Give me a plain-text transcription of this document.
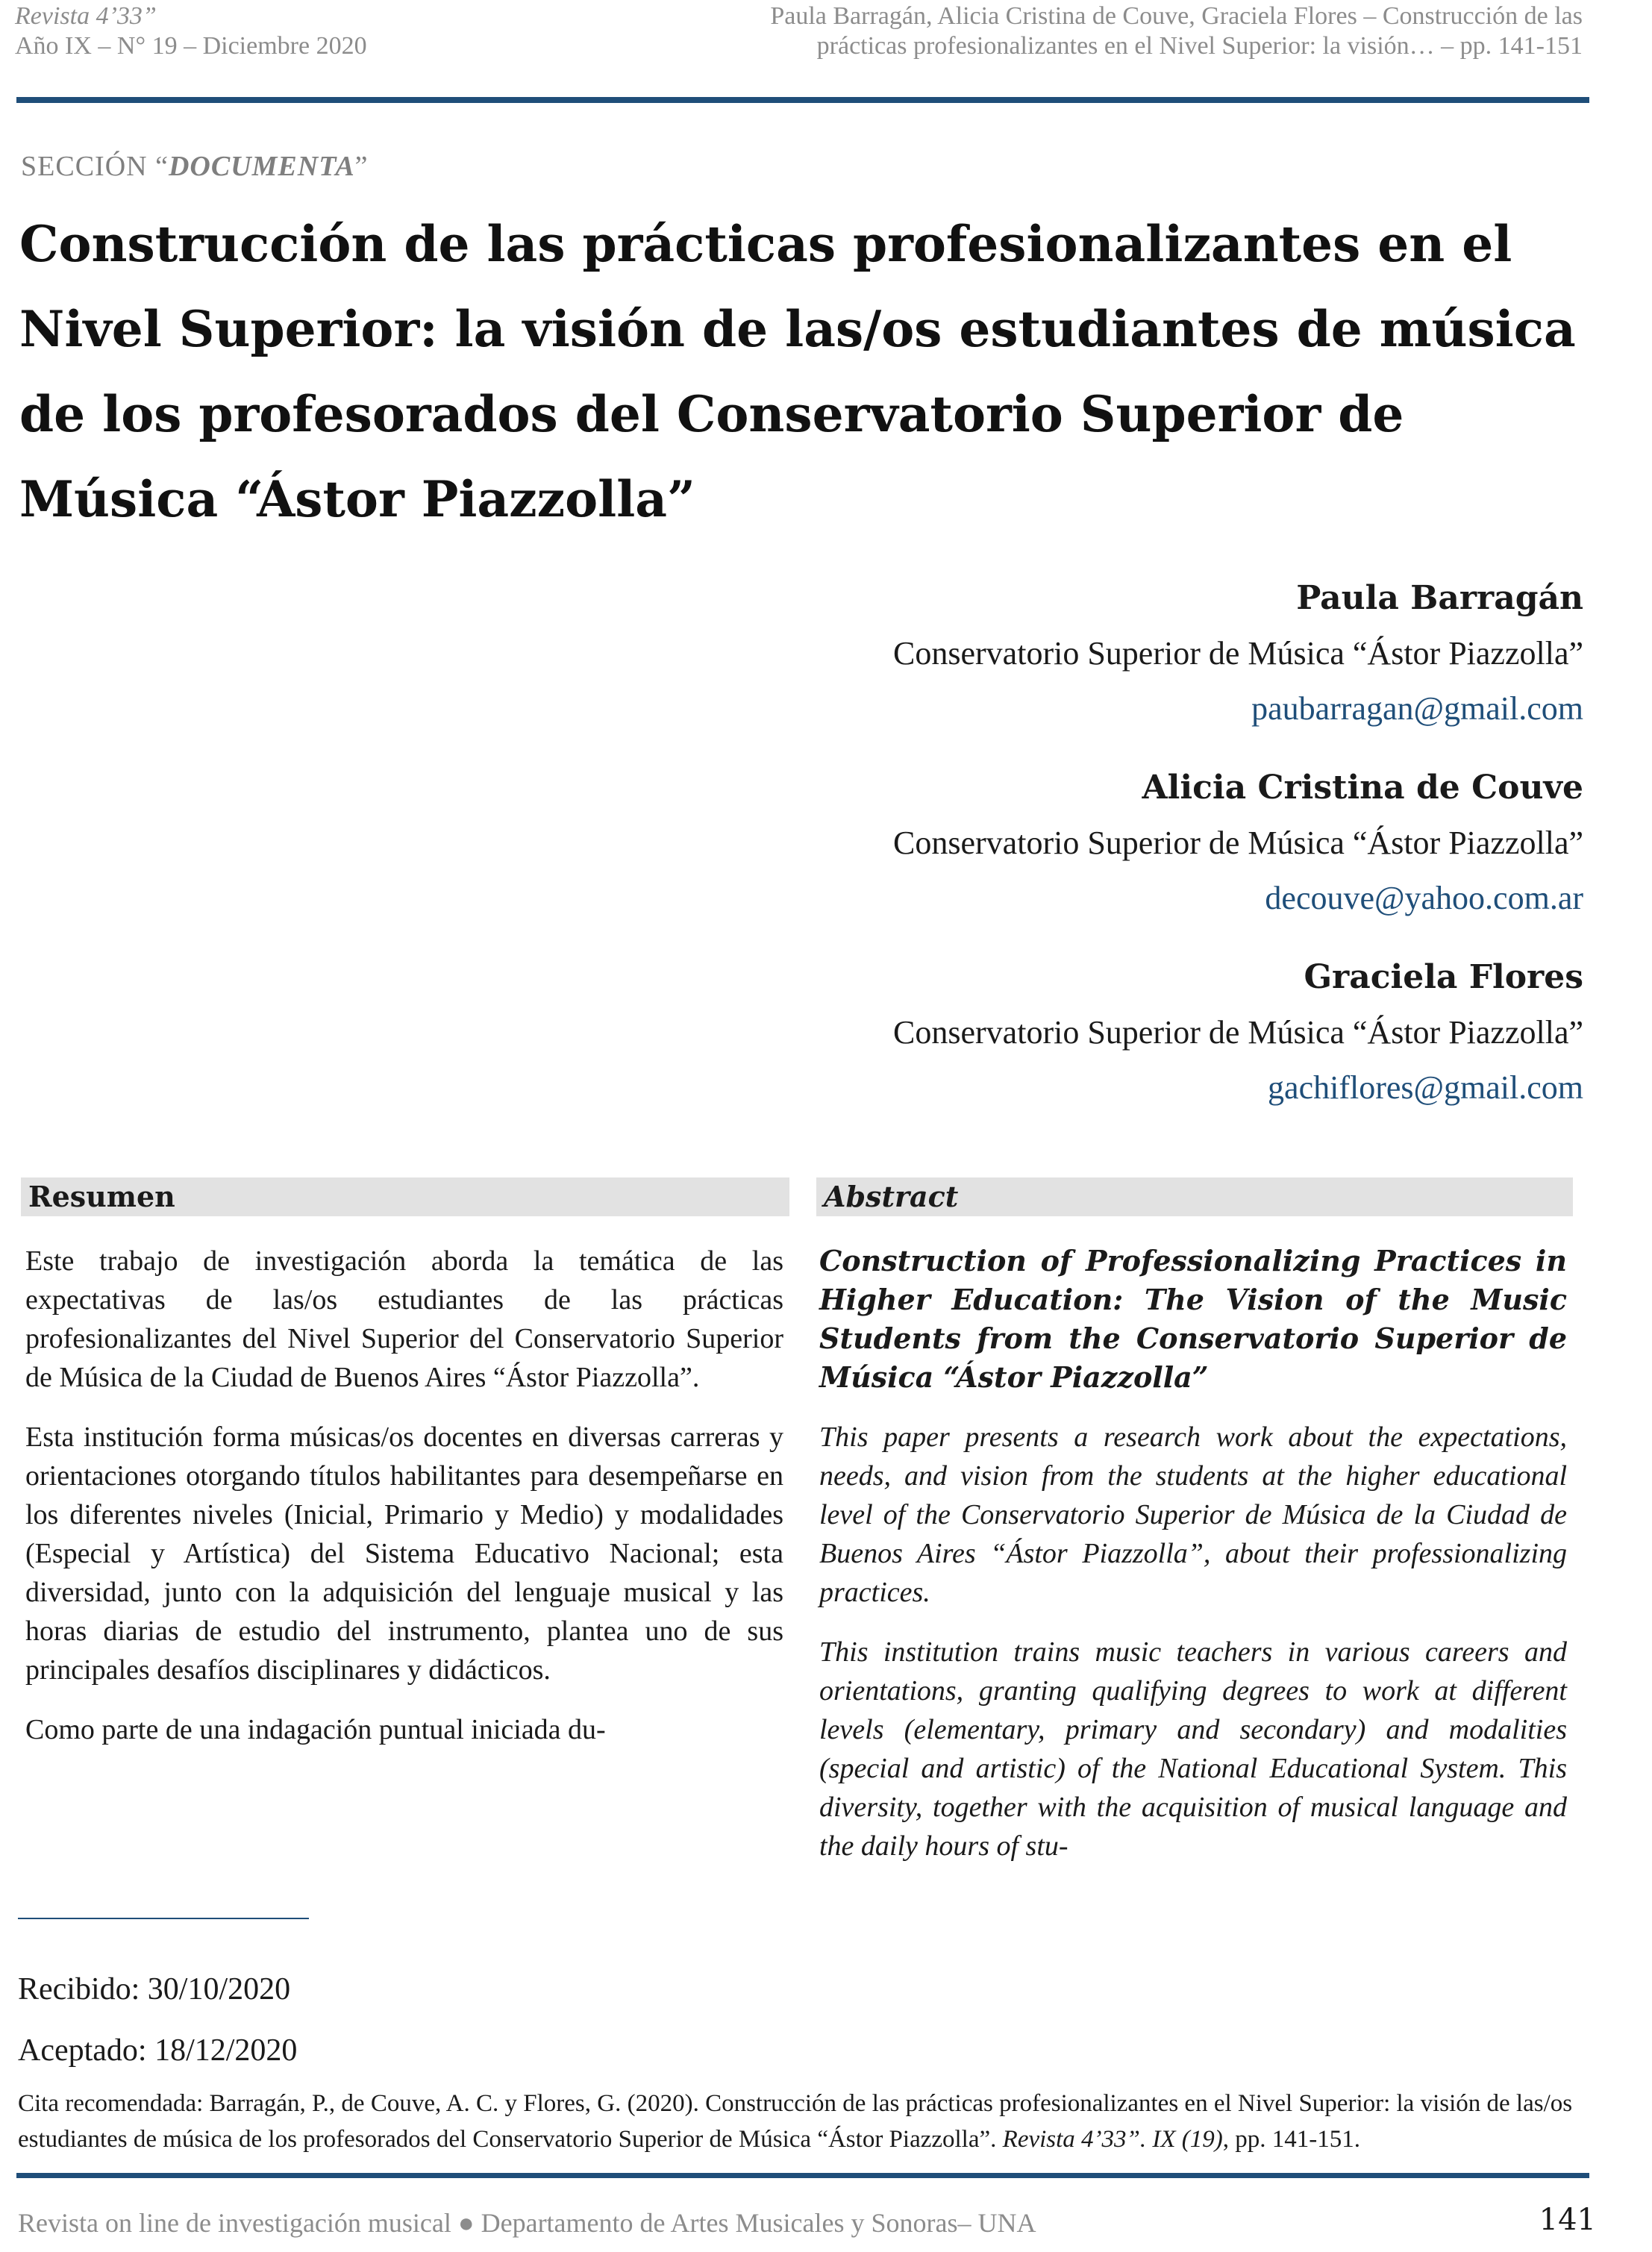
Revista 4’33”
Año IX – N° 19 – Diciembre 2020
Paula Barragán, Alicia Cristina de Couve, Graciela Flores – Construcción de las
prácticas profesionalizantes en el Nivel Superior: la visión… – pp. 141-151
SECCIÓN “DOCUMENTA”
Construcción de las prácticas profesionalizantes en el Nivel Superior: la visión de las/os estudiantes de música de los profesorados del Conservatorio Superior de Música “Ástor Piazzolla”
Paula Barragán
Conservatorio Superior de Música “Ástor Piazzolla”
paubarragan@gmail.com
Alicia Cristina de Couve
Conservatorio Superior de Música “Ástor Piazzolla”
decouve@yahoo.com.ar
Graciela Flores
Conservatorio Superior de Música “Ástor Piazzolla”
gachiflores@gmail.com
Resumen

Este trabajo de investigación aborda la temática de las expectativas de las/os estudiantes de las prácticas profesionalizantes del Nivel Superior del Conservatorio Superior de Música de la Ciudad de Buenos Aires “Ástor Piazzolla”.

Esta institución forma músicas/os docentes en diversas carreras y orientaciones otorgando títulos habilitantes para desempeñarse en los diferentes niveles (Inicial, Primario y Medio) y modalidades (Especial y Artística) del Sistema Educativo Nacional; esta diversidad, junto con la adquisición del lenguaje musical y las horas diarias de estudio del instrumento, plantea uno de sus principales desafíos disciplinares y didácticos.

Como parte de una indagación puntual iniciada du-

Abstract

Construction of Professionalizing Practices in Higher Education: The Vision of the Music Students from the Conservatorio Superior de Música “Ástor Piazzolla”

This paper presents a research work about the expectations, needs, and vision from the students at the higher educational level of the Conservatorio Superior de Música de la Ciudad de Buenos Aires “Ástor Piazzolla”, about their professionalizing practices.

This institution trains music teachers in various careers and orientations, granting qualifying degrees to work at different levels (elementary, primary and secondary) and modalities (special and artistic) of the National Educational System. This diversity, together with the acquisition of musical language and the daily hours of stu-

Recibido: 30/10/2020
Aceptado: 18/12/2020
Cita recomendada: Barragán, P., de Couve, A. C. y Flores, G. (2020). Construcción de las prácticas profesionalizantes en el Nivel Superior: la visión de las/os estudiantes de música de los profesorados del Conservatorio Superior de Música “Ástor Piazzolla”. Revista 4’33”. IX (19), pp. 141-151.
Revista on line de investigación musical ● Departamento de Artes Musicales y Sonoras– UNA	141
